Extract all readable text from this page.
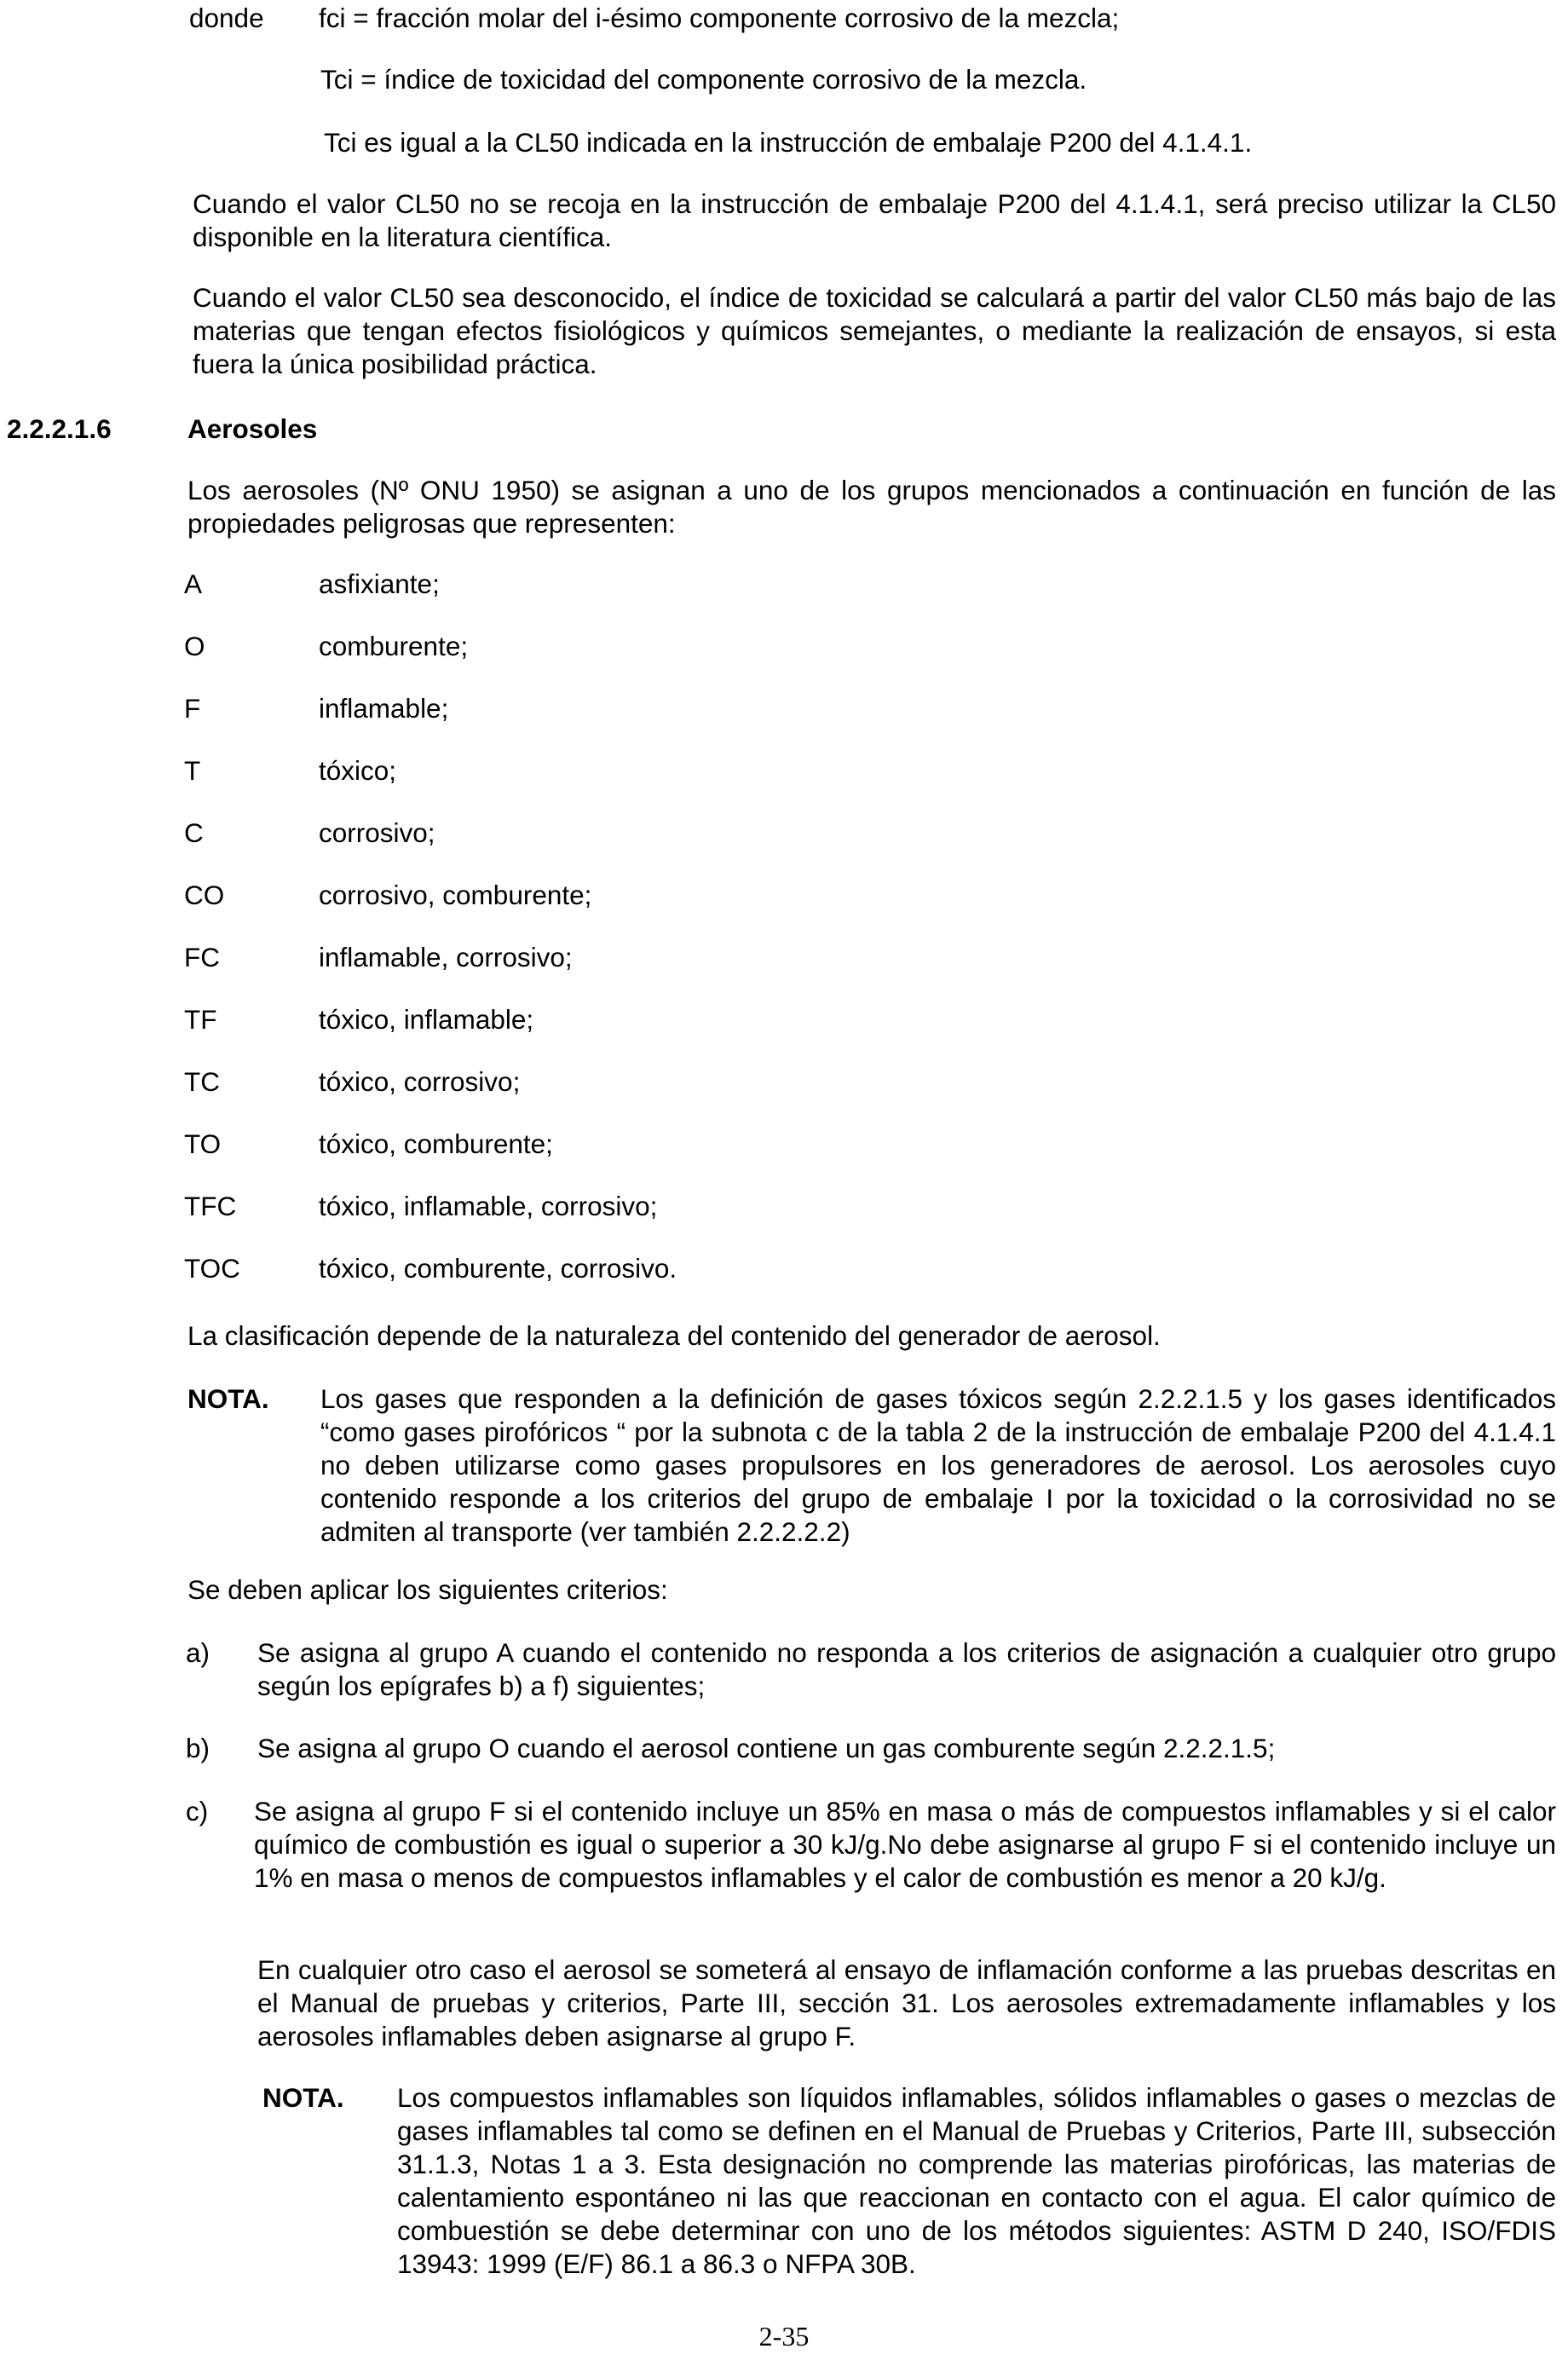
donde fci = fracción molar del i-ésimo componente corrosivo de la mezcla;
Tci = índice de toxicidad del componente corrosivo de la mezcla.
Tci es igual a la CL50 indicada en la instrucción de embalaje P200 del 4.1.4.1.

Cuando el valor CL50 no se recoja en la instrucción de embalaje P200 del 4.1.4.1, será preciso utilizar la CL50 disponible en la literatura científica.

Cuando el valor CL50 sea desconocido, el índice de toxicidad se calculará a partir del valor CL50 más bajo de las materias que tengan efectos fisiológicos y químicos semejantes, o mediante la realización de ensayos, si esta fuera la única posibilidad práctica.

2.2.2.1.6	Aerosoles

Los aerosoles (Nº ONU 1950) se asignan a uno de los grupos mencionados a continuación en función de las propiedades peligrosas que representen:

A	asfixiante;
O	comburente;
F	inflamable;
T	tóxico;
C	corrosivo;
CO	corrosivo, comburente;
FC	inflamable, corrosivo;
TF	tóxico, inflamable;
TC	tóxico, corrosivo;
TO	tóxico, comburente;
TFC	tóxico, inflamable, corrosivo;
TOC	tóxico, comburente, corrosivo.

La clasificación depende de la naturaleza del contenido del generador de aerosol.

NOTA. Los gases que responden a la definición de gases tóxicos según 2.2.2.1.5 y los gases identificados “como gases pirofóricos “ por la subnota c de la tabla 2 de la instrucción de embalaje P200 del 4.1.4.1 no deben utilizarse como gases propulsores en los generadores de aerosol. Los aerosoles cuyo contenido responde a los criterios del grupo de embalaje I por la toxicidad o la corrosividad no se admiten al transporte (ver también 2.2.2.2.2)

Se deben aplicar los siguientes criterios:

a) Se asigna al grupo A cuando el contenido no responda a los criterios de asignación a cualquier otro grupo según los epígrafes b) a f) siguientes;
b) Se asigna al grupo O cuando el aerosol contiene un gas comburente según 2.2.2.1.5;
c) Se asigna al grupo F si el contenido incluye un 85% en masa o más de compuestos inflamables y si el calor químico de combustión es igual o superior a 30 kJ/g.No debe asignarse al grupo F si el contenido incluye un 1% en masa o menos de compuestos inflamables y el calor de combustión es menor a 20 kJ/g.

En cualquier otro caso el aerosol se someterá al ensayo de inflamación conforme a las pruebas descritas en el Manual de pruebas y criterios, Parte III, sección 31. Los aerosoles extremadamente inflamables y los aerosoles inflamables deben asignarse al grupo F.

NOTA. Los compuestos inflamables son líquidos inflamables, sólidos inflamables o gases o mezclas de gases inflamables tal como se definen en el Manual de Pruebas y Criterios, Parte III, subsección 31.1.3, Notas 1 a 3. Esta designación no comprende las materias pirofóricas, las materias de calentamiento espontáneo ni las que reaccionan en contacto con el agua. El calor químico de combuestión se debe determinar con uno de los métodos siguientes: ASTM D 240, ISO/FDIS 13943: 1999 (E/F) 86.1 a 86.3 o NFPA 30B.

2-35
